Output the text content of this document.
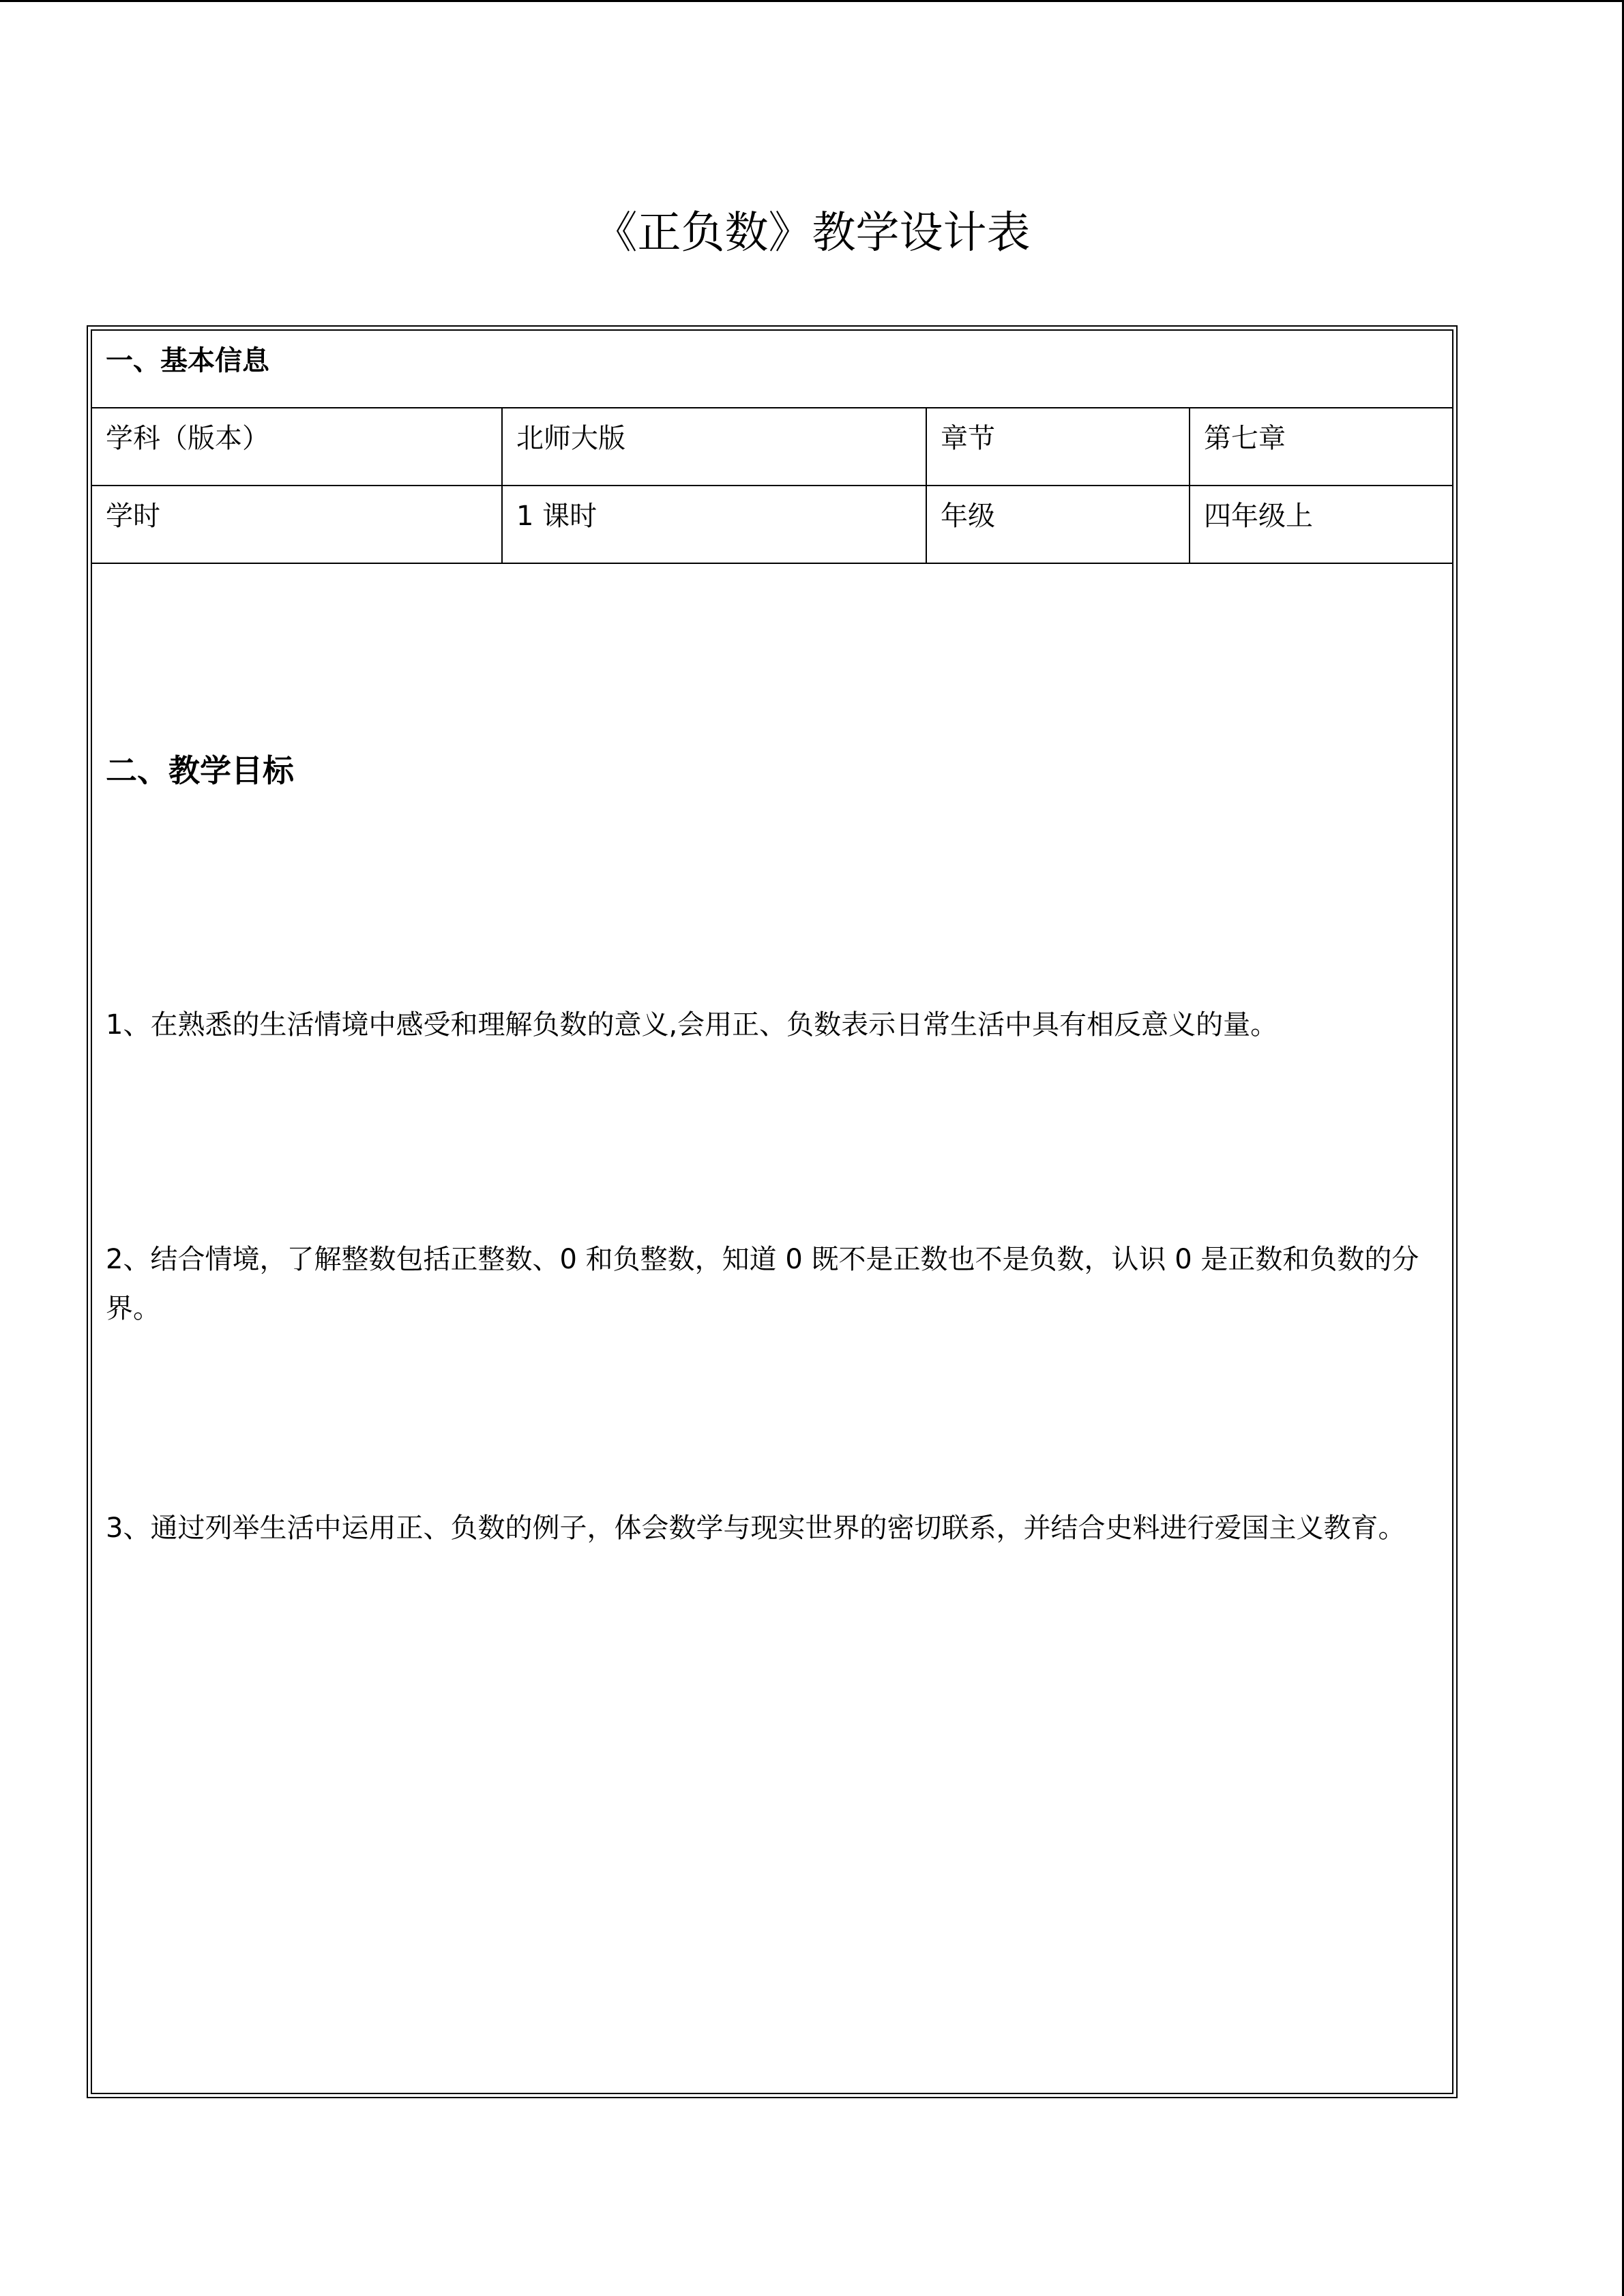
《正负数》教学设计表
一、基本信息
学科（版本）	北师大版	章节	第七章
学时	1 课时	年级	四年级上
二、教学目标

1、在熟悉的生活情境中感受和理解负数的意义,会用正、负数表示日常生活中具有相反意义的量。

2、结合情境，了解整数包括正整数、0 和负整数，知道 0 既不是正数也不是负数，认识 0 是正数和负数的分界。

3、通过列举生活中运用正、负数的例子，体会数学与现实世界的密切联系，并结合史料进行爱国主义教育。
